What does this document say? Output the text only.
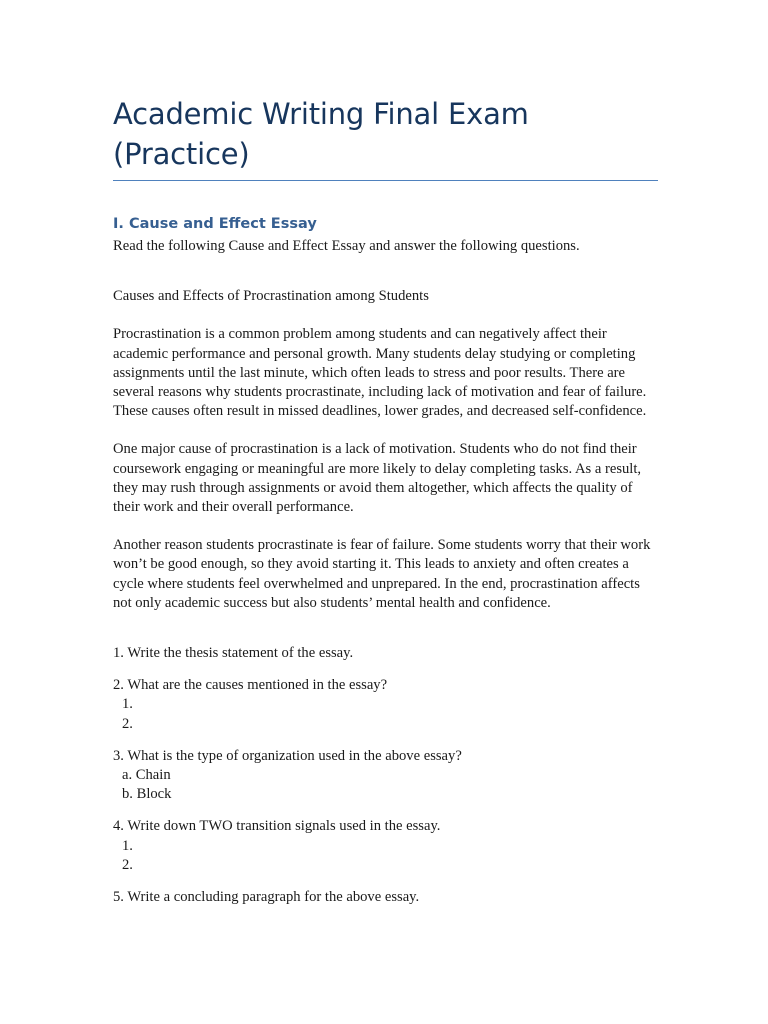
Academic Writing Final Exam (Practice)
I. Cause and Effect Essay

Read the following Cause and Effect Essay and answer the following questions.

Causes and Effects of Procrastination among Students

Procrastination is a common problem among students and can negatively affect their academic performance and personal growth. Many students delay studying or completing assignments until the last minute, which often leads to stress and poor results. There are several reasons why students procrastinate, including lack of motivation and fear of failure. These causes often result in missed deadlines, lower grades, and decreased self-confidence.

One major cause of procrastination is a lack of motivation. Students who do not find their coursework engaging or meaningful are more likely to delay completing tasks. As a result, they may rush through assignments or avoid them altogether, which affects the quality of their work and their overall performance.

Another reason students procrastinate is fear of failure. Some students worry that their work won’t be good enough, so they avoid starting it. This leads to anxiety and often creates a cycle where students feel overwhelmed and unprepared. In the end, procrastination affects not only academic success but also students’ mental health and confidence.

1. Write the thesis statement of the essay.

2. What are the causes mentioned in the essay?

1.

2.

3. What is the type of organization used in the above essay?

a. Chain

b. Block

4. Write down TWO transition signals used in the essay.

1.

2.

5. Write a concluding paragraph for the above essay.
